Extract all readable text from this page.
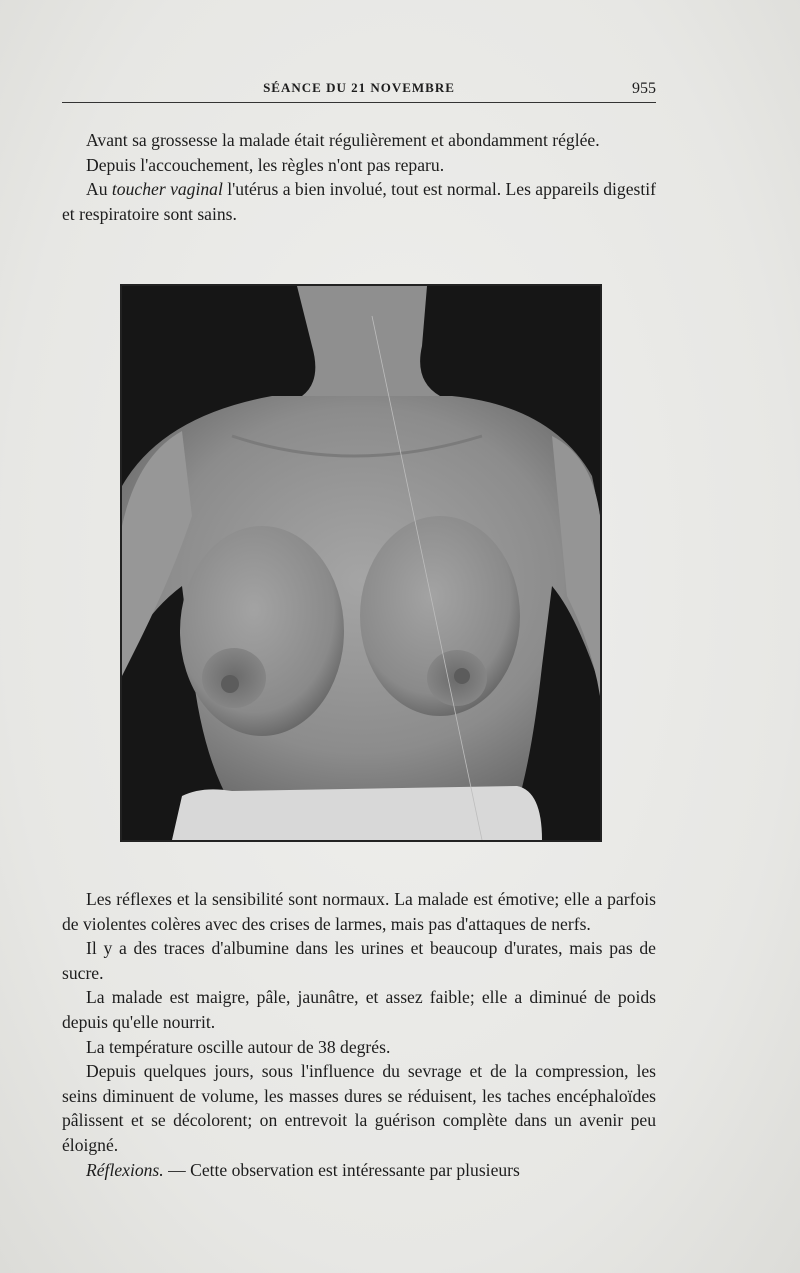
SÉANCE DU 21 NOVEMBRE	955

Avant sa grossesse la malade était régulièrement et abondamment réglée.

Depuis l'accouchement, les règles n'ont pas reparu.

Au toucher vaginal l'utérus a bien involué, tout est normal. Les appareils digestif et respiratoire sont sains.

Les réflexes et la sensibilité sont normaux. La malade est émotive; elle a parfois de violentes colères avec des crises de larmes, mais pas d'attaques de nerfs.

Il y a des traces d'albumine dans les urines et beaucoup d'urates, mais pas de sucre.

La malade est maigre, pâle, jaunâtre, et assez faible; elle a diminué de poids depuis qu'elle nourrit.

La température oscille autour de 38 degrés.

Depuis quelques jours, sous l'influence du sevrage et de la compression, les seins diminuent de volume, les masses dures se réduisent, les taches encéphaloïdes pâlissent et se décolorent; on entrevoit la guérison complète dans un avenir peu éloigné.

Réflexions. — Cette observation est intéressante par plusieurs
